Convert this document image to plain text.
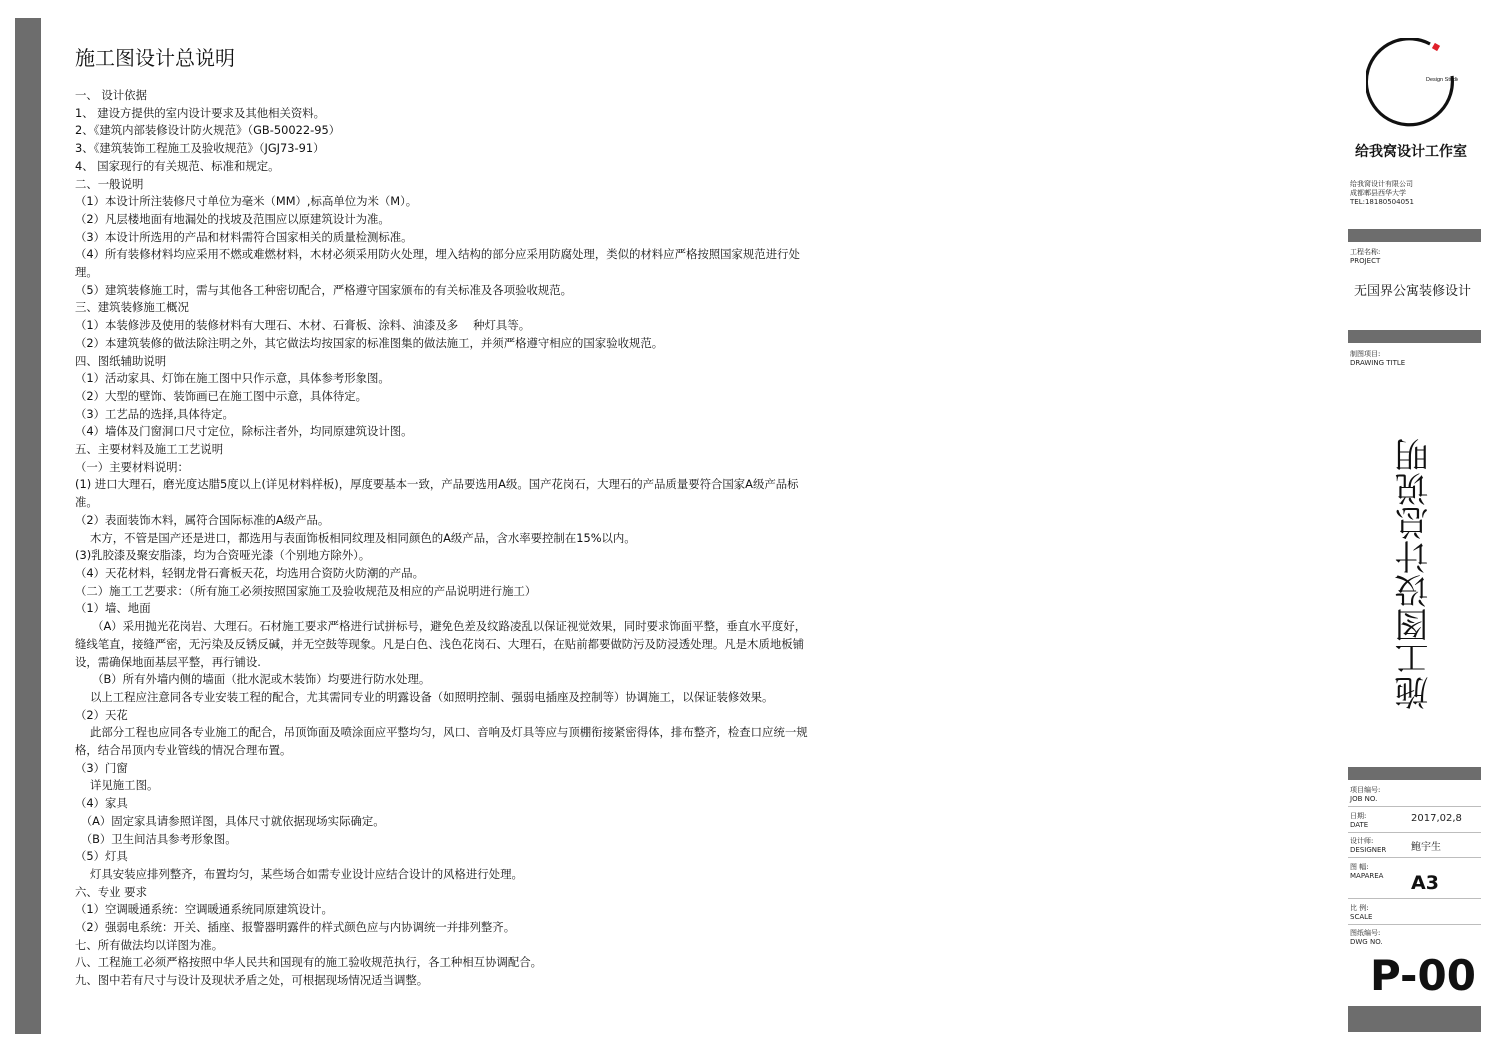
施工图设计总说明
一、 设计依据
1、 建设方提供的室内设计要求及其他相关资料。
2、《建筑内部装修设计防火规范》（GB-50022-95）
3、《建筑装饰工程施工及验收规范》（JGJ73-91）
4、 国家现行的有关规范、标准和规定。
二、一般说明
（1）本设计所注装修尺寸单位为毫米（MM）,标高单位为米（M）。
（2）凡层楼地面有地漏处的找坡及范围应以原建筑设计为准。
（3）本设计所选用的产品和材料需符合国家相关的质量检测标准。
（4）所有装修材料均应采用不燃或难燃材料，木材必须采用防火处理，埋入结构的部分应采用防腐处理，类似的材料应严格按照国家规范进行处
理。
（5）建筑装修施工时，需与其他各工种密切配合，严格遵守国家颁布的有关标准及各项验收规范。
三、建筑装修施工概况
（1）本装修涉及使用的装修材料有大理石、木材、石膏板、涂料、油漆及多　 种灯具等。
（2）本建筑装修的做法除注明之外，其它做法均按国家的标准图集的做法施工，并须严格遵守相应的国家验收规范。
四、图纸辅助说明
（1）活动家具、灯饰在施工图中只作示意，具体参考形象图。
（2）大型的壁饰、装饰画已在施工图中示意，具体待定。
（3）工艺品的选择,具体待定。
（4）墙体及门窗洞口尺寸定位，除标注者外，均同原建筑设计图。
五、主要材料及施工工艺说明
（一）主要材料说明：
(1) 进口大理石，磨光度达腊5度以上(详见材料样板)，厚度要基本一致，产品要选用A级。国产花岗石，大理石的产品质量要符合国家A级产品标
准。
（2）表面装饰木料，属符合国际标准的A级产品。
　 木方，不管是国产还是进口，都选用与表面饰板相同纹理及相同颜色的A级产品，含水率要控制在15%以内。
(3)乳胶漆及聚安脂漆，均为合资哑光漆（个别地方除外）。
（4）天花材料，轻钢龙骨石膏板天花，均选用合资防火防潮的产品。
（二）施工工艺要求：（所有施工必须按照国家施工及验收规范及相应的产品说明进行施工）
（1）墙、地面
　　（A）采用抛光花岗岩、大理石。石材施工要求严格进行试拼标号，避免色差及纹路凌乱以保证视觉效果，同时要求饰面平整，垂直水平度好，
缝线笔直，接缝严密，无污染及反锈反碱，并无空鼓等现象。凡是白色、浅色花岗石、大理石，在贴前都要做防污及防浸透处理。凡是木质地板铺
设，需确保地面基层平整，再行铺设.
　　（B）所有外墙内侧的墙面（批水泥或木装饰）均要进行防水处理。
　 以上工程应注意同各专业安装工程的配合，尤其需同专业的明露设备（如照明控制、强弱电插座及控制等）协调施工，以保证装修效果。
（2）天花
　 此部分工程也应同各专业施工的配合，吊顶饰面及喷涂面应平整均匀，风口、音响及灯具等应与顶棚衔接紧密得体，排布整齐，检查口应统一规
格，结合吊顶内专业管线的情况合理布置。
（3）门窗
　 详见施工图。
（4）家具
　（A）固定家具请参照详图，具体尺寸就依据现场实际确定。
　（B）卫生间洁具参考形象图。
（5）灯具
　 灯具安装应排列整齐，布置均匀，某些场合如需专业设计应结合设计的风格进行处理。
六、专业 要求
（1）空调暖通系统：空调暖通系统同原建筑设计。
（2）强弱电系统：开关、插座、报警器明露件的样式颜色应与内协调统一并排列整齐。
七、所有做法均以详图为准。
八、工程施工必须严格按照中华人民共和国现有的施工验收规范执行，各工种相互协调配合。
九、图中若有尺寸与设计及现状矛盾之处，可根据现场情况适当调整。
Design Studio
给我窝设计工作室
给我窝设计有限公司
成都郫县西华大学
TEL:18180504051
工程名称:
PROJECT
无国界公寓装修设计
制图项目:
DRAWING TITLE
施工图设计总说明
项目编号:
JOB NO.
日期:
DATE
2017,02,8
设计师:
DESIGNER 鲍宇生
图 幅:
MAPAREA A3
比 例:
SCALE
图纸编号:
DWG NO.
P-00
